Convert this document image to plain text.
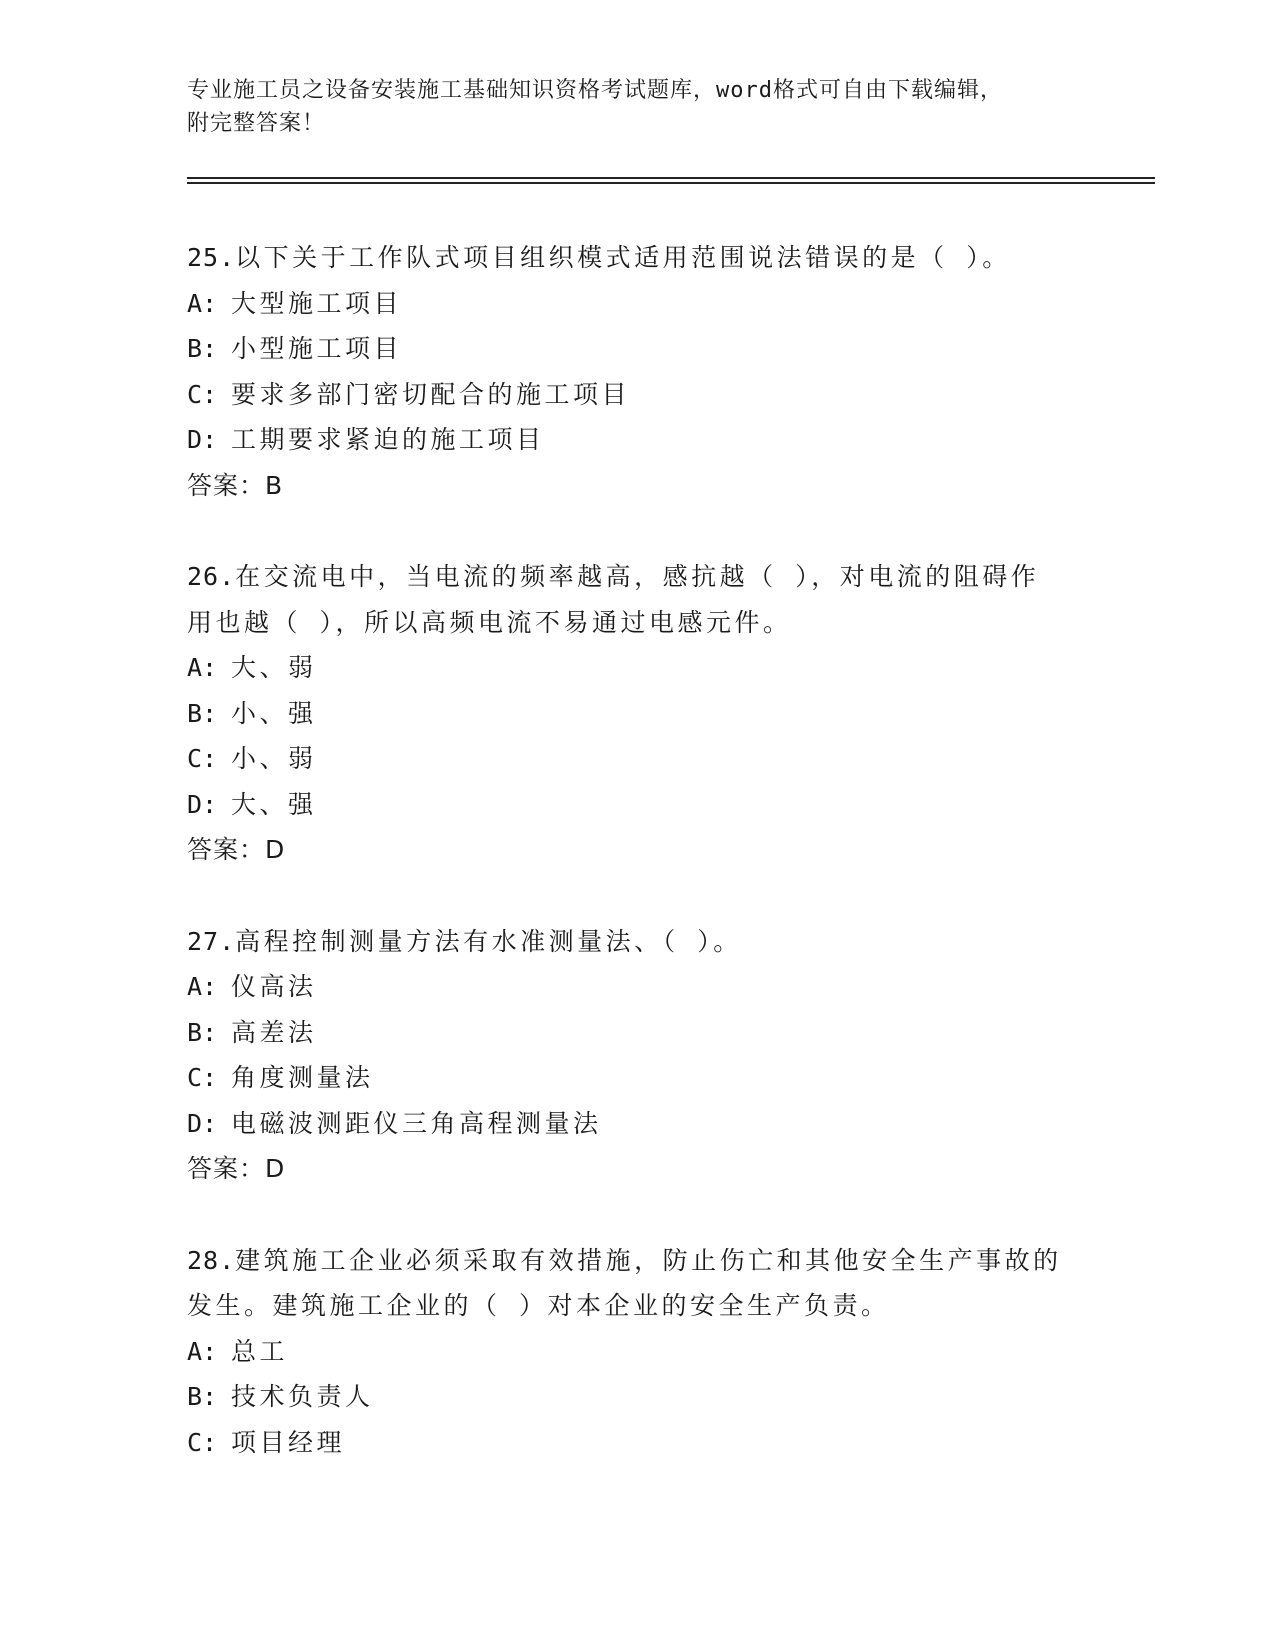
专业施工员之设备安装施工基础知识资格考试题库，word格式可自由下载编辑，
附完整答案！
25.以下关于工作队式项目组织模式适用范围说法错误的是（ ）。
A: 大型施工项目
B: 小型施工项目
C: 要求多部门密切配合的施工项目
D: 工期要求紧迫的施工项目
答案：B
26.在交流电中，当电流的频率越高，感抗越（ ），对电流的阻碍作
用也越（ ），所以高频电流不易通过电感元件。
A: 大、弱
B: 小、强
C: 小、弱
D: 大、强
答案：D
27.高程控制测量方法有水准测量法、（ ）。
A: 仪高法
B: 高差法
C: 角度测量法
D: 电磁波测距仪三角高程测量法
答案：D
28.建筑施工企业必须采取有效措施，防止伤亡和其他安全生产事故的
发生。建筑施工企业的（ ）对本企业的安全生产负责。
A: 总工
B: 技术负责人
C: 项目经理
